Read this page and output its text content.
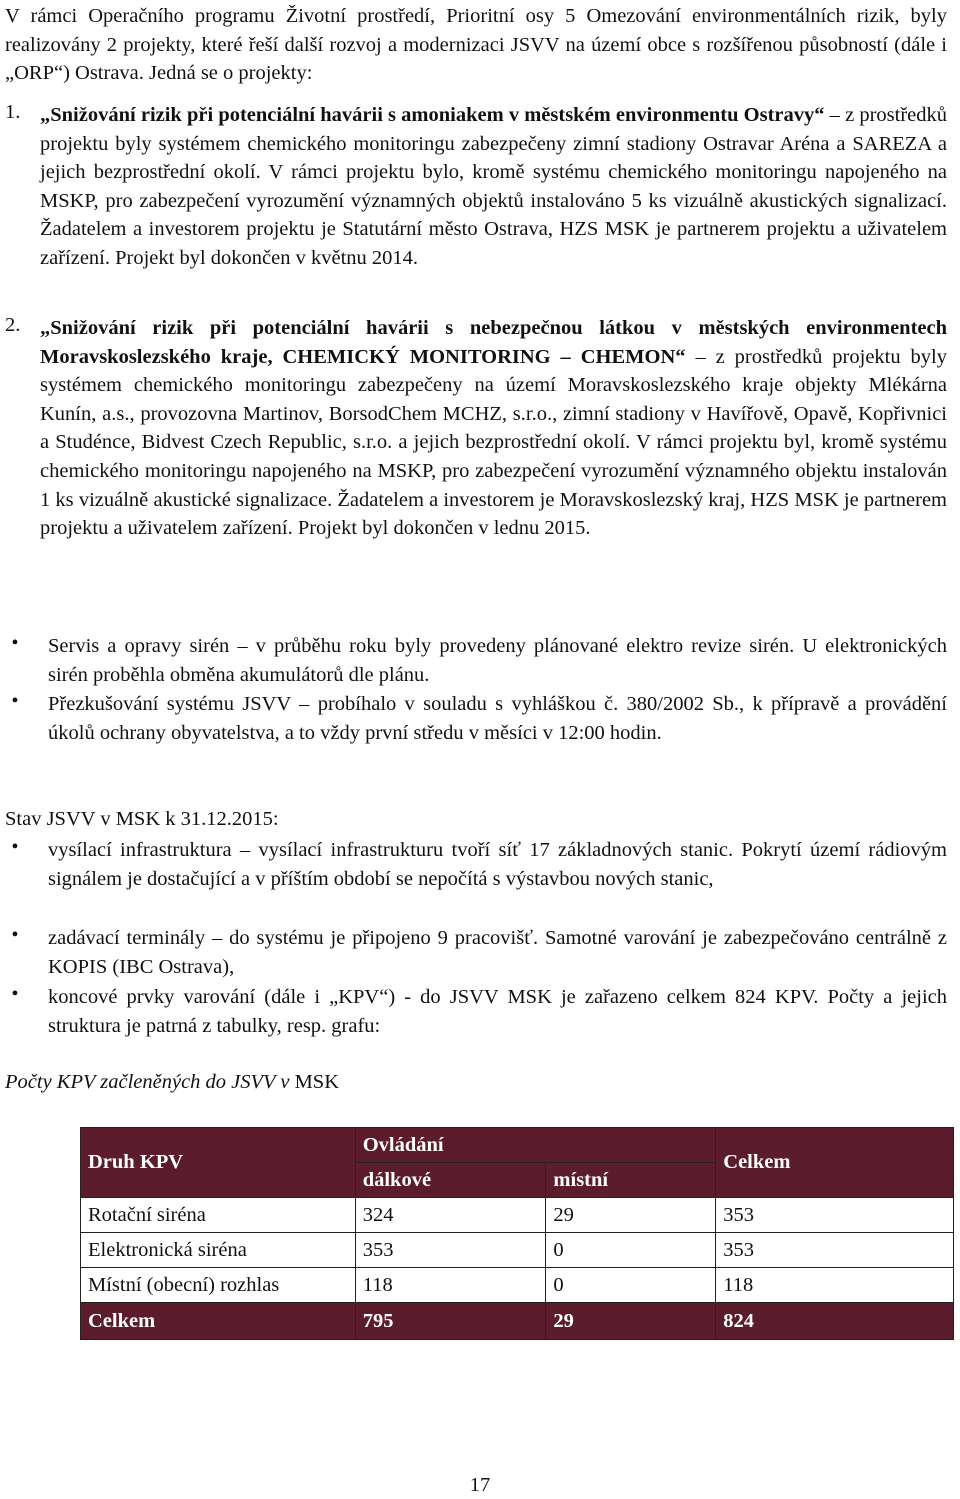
V rámci Operačního programu Životní prostředí, Prioritní osy 5 Omezování environmentálních rizik, byly realizovány 2 projekty, které řeší další rozvoj a modernizaci JSVV na území obce s rozšířenou působností (dále i „ORP“) Ostrava. Jedná se o projekty:

1. „Snižování rizik při potenciální havárii s amoniakem v městském environmentu Ostravy“ – z prostředků projektu byly systémem chemického monitoringu zabezpečeny zimní stadiony Ostravar Aréna a SAREZA a jejich bezprostřední okolí. V rámci projektu bylo, kromě systému chemického monitoringu napojeného na MSKP, pro zabezpečení vyrozumění významných objektů instalováno 5 ks vizuálně akustických signalizací. Žadatelem a investorem projektu je Statutární město Ostrava, HZS MSK je partnerem projektu a uživatelem zařízení. Projekt byl dokončen v květnu 2014.

2. „Snižování rizik při potenciální havárii s nebezpečnou látkou v městských environmentech Moravskoslezského kraje, CHEMICKÝ MONITORING – CHEMON“ – z prostředků projektu byly systémem chemického monitoringu zabezpečeny na území Moravskoslezského kraje objekty Mlékárna Kunín, a.s., provozovna Martinov, BorsodChem MCHZ, s.r.o., zimní stadiony v Havířově, Opavě, Kopřivnici a Studénce, Bidvest Czech Republic, s.r.o. a jejich bezprostřední okolí. V rámci projektu byl, kromě systému chemického monitoringu napojeného na MSKP, pro zabezpečení vyrozumění významného objektu instalován 1 ks vizuálně akustické signalizace. Žadatelem a investorem je Moravskoslezský kraj, HZS MSK je partnerem projektu a uživatelem zařízení. Projekt byl dokončen v lednu 2015.

•	Servis a opravy sirén – v průběhu roku byly provedeny plánované elektro revize sirén. U elektronických sirén proběhla obměna akumulátorů dle plánu.

•	Přezkušování systému JSVV – probíhalo v souladu s vyhláškou č. 380/2002 Sb., k přípravě a provádění úkolů ochrany obyvatelstva, a to vždy první středu v měsíci v 12:00 hodin.

Stav JSVV v MSK k 31.12.2015:

•	vysílací infrastruktura – vysílací infrastrukturu tvoří síť 17 základnových stanic. Pokrytí území rádiovým signálem je dostačující a v příštím období se nepočítá s výstavbou nových stanic,

•	zadávací terminály – do systému je připojeno 9 pracovišť. Samotné varování je zabezpečováno centrálně z KOPIS (IBC Ostrava),

•	koncové prvky varování (dále i „KPV“) - do JSVV MSK je zařazeno celkem 824 KPV. Počty a jejich struktura je patrná z tabulky, resp. grafu:

Počty KPV začleněných do JSVV v MSK

Druh KPV	Ovládání		Celkem
	dálkové	místní	
Rotační siréna	324	29	353
Elektronická siréna	353	0	353
Místní (obecní) rozhlas	118	0	118
Celkem	795	29	824
17
